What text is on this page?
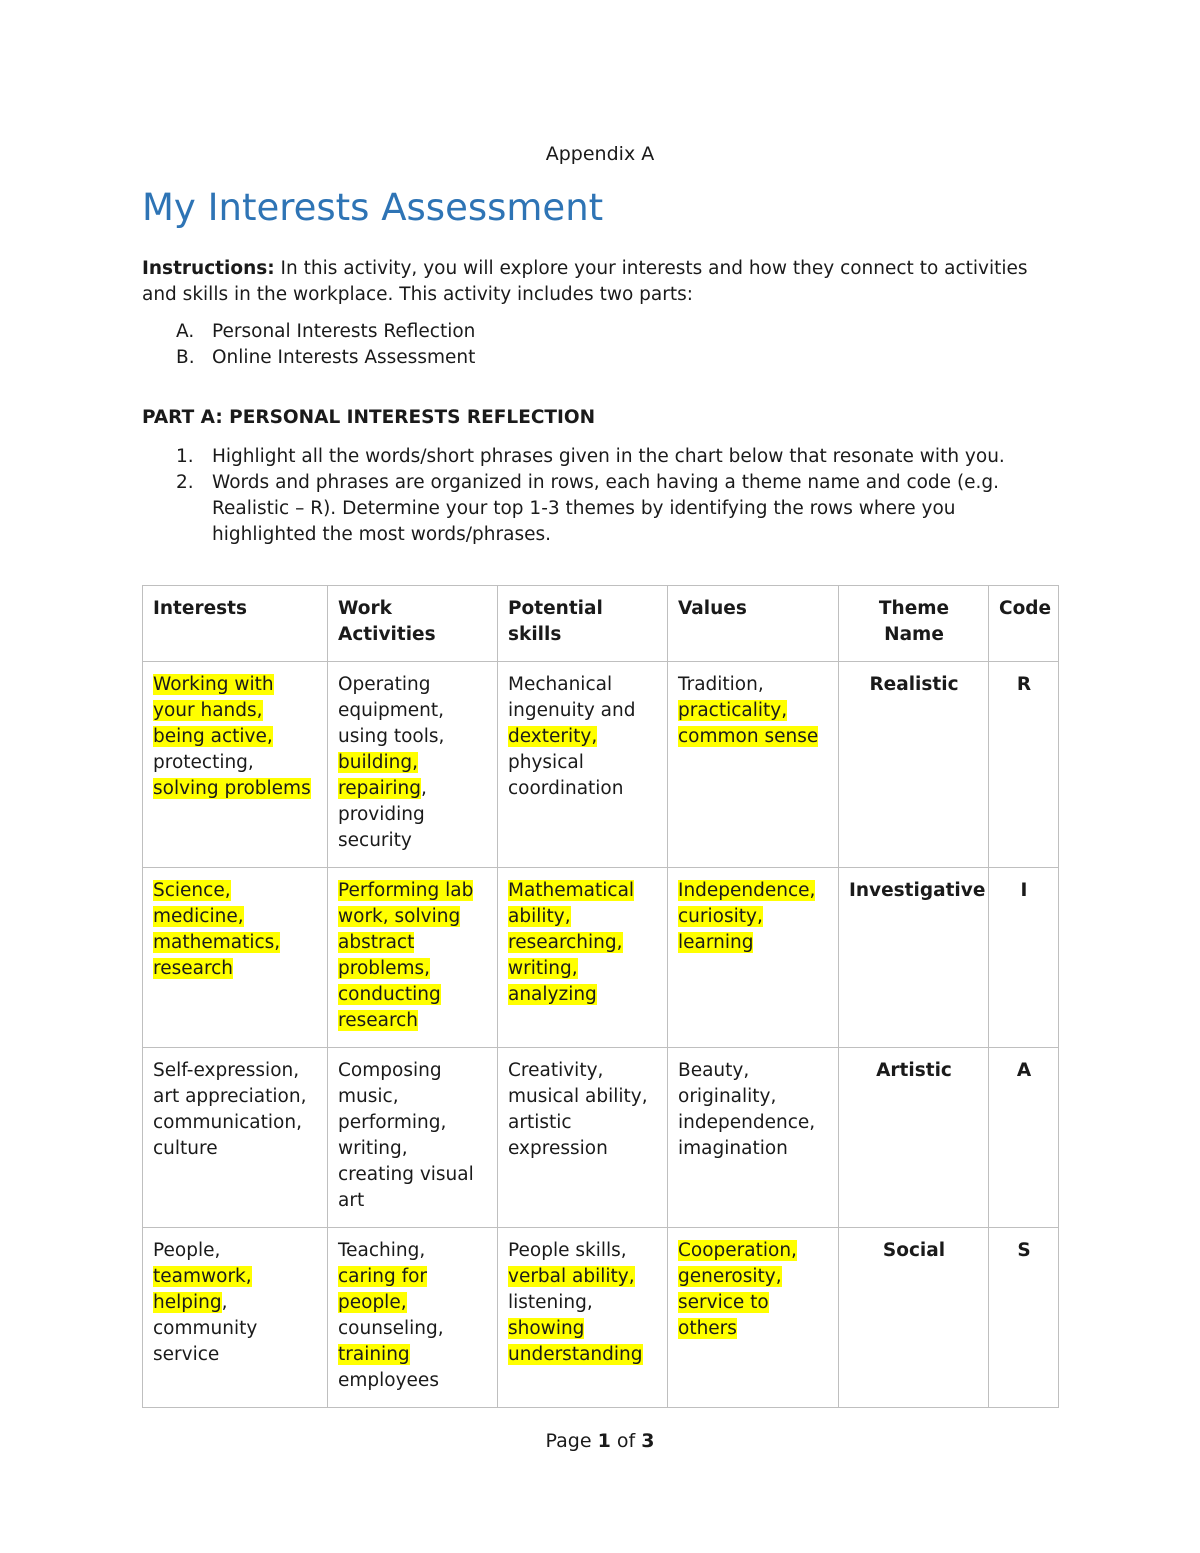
Appendix A
My Interests Assessment
Instructions: In this activity, you will explore your interests and how they connect to activities and skills in the workplace. This activity includes two parts:
A. Personal Interests Reflection
B. Online Interests Assessment
PART A: PERSONAL INTERESTS REFLECTION
1. Highlight all the words/short phrases given in the chart below that resonate with you.
2. Words and phrases are organized in rows, each having a theme name and code (e.g. Realistic – R). Determine your top 1-3 themes by identifying the rows where you highlighted the most words/phrases.
Interests	Work Activities	Potential skills	Values	Theme Name	Code
Working with your hands, being active, protecting, solving problems	Operating equipment, using tools, building, repairing, providing security	Mechanical ingenuity and dexterity, physical coordination	Tradition, practicality, common sense	Realistic	R
Science, medicine, mathematics, research	Performing lab work, solving abstract problems, conducting research	Mathematical ability, researching, writing, analyzing	Independence, curiosity, learning	Investigative	I
Self-expression, art appreciation, communication, culture	Composing music, performing, writing, creating visual art	Creativity, musical ability, artistic expression	Beauty, originality, independence, imagination	Artistic	A
People, teamwork, helping, community service	Teaching, caring for people, counseling, training employees	People skills, verbal ability, listening, showing understanding	Cooperation, generosity, service to others	Social	S
Page 1 of 3
